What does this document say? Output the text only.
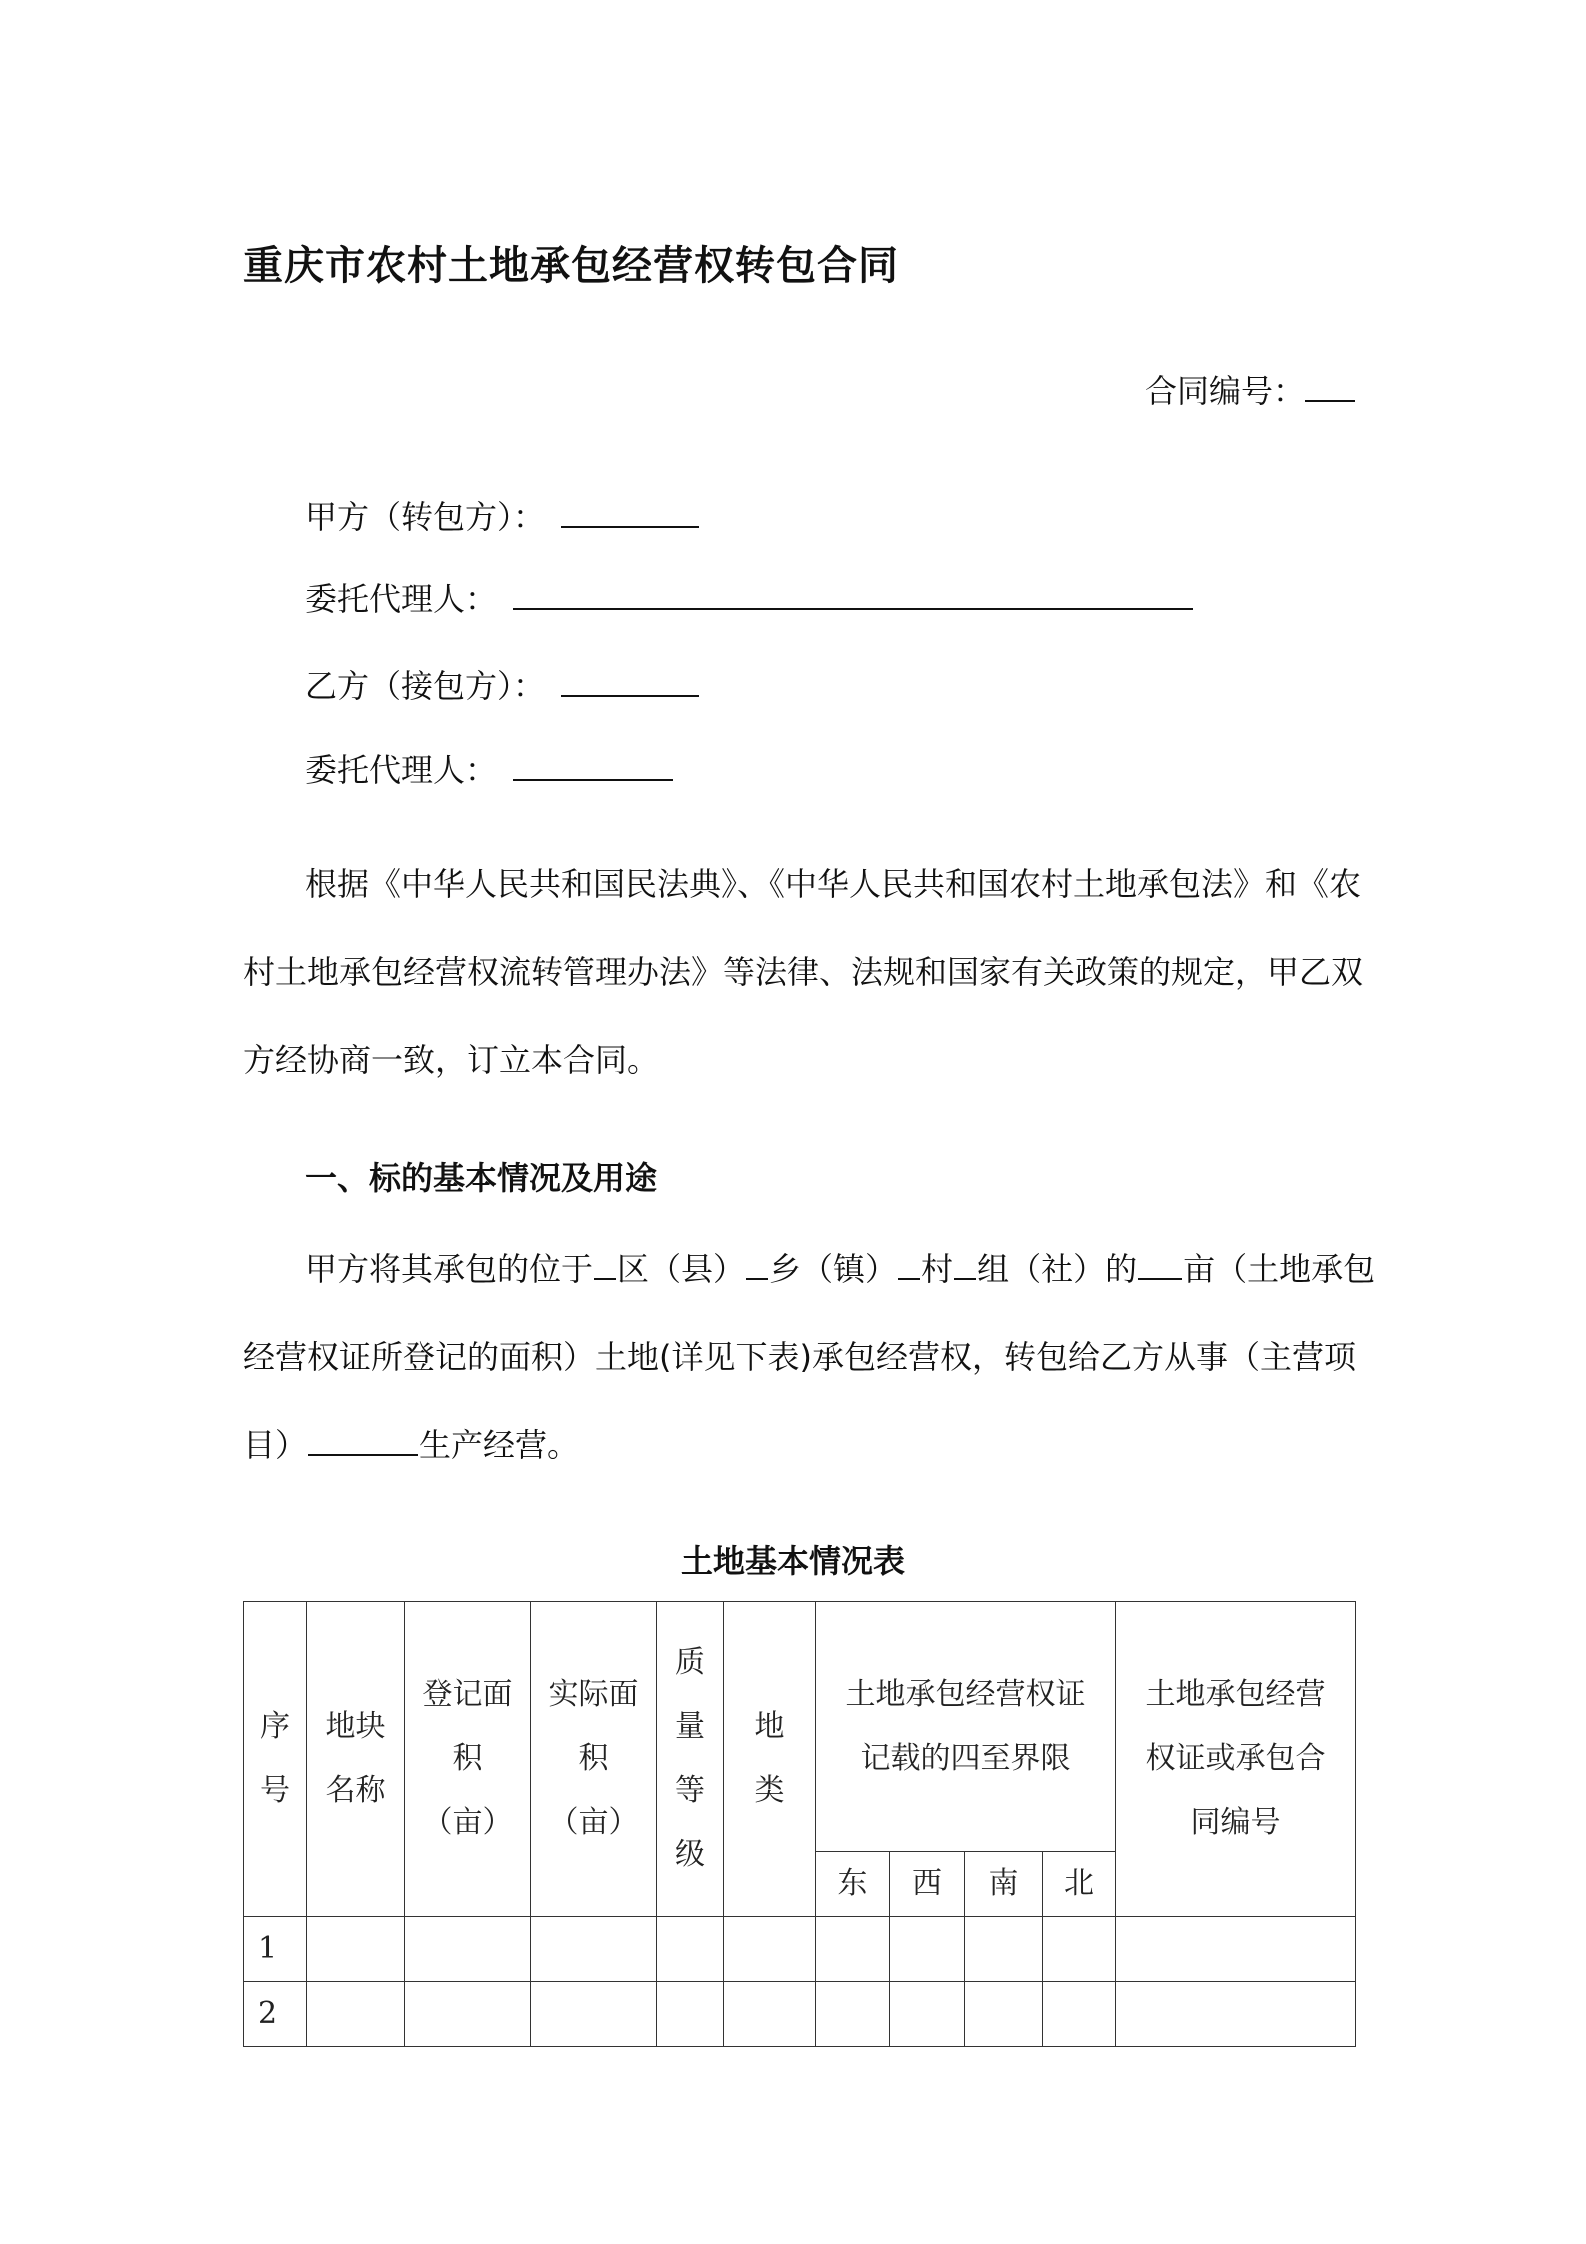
重庆市农村土地承包经营权转包合同
合同编号：
甲方（转包方）：
委托代理人：
乙方（接包方）：
委托代理人：
根据《中华人民共和国民法典》、《中华人民共和国农村土地承包法》和《农
村土地承包经营权流转管理办法》等法律、法规和国家有关政策的规定，甲乙双
方经协商一致，订立本合同。
一、标的基本情况及用途
甲方将其承包的位于 区（县） 乡（镇） 村 组（社）的 亩（土地承包
经营权证所登记的面积）土地(详见下表)承包经营权，转包给乙方从事（主营项
目）	生产经营。
土地基本情况表
序号	地块名称	登记面积（亩）	实际面积（亩）	质量等级	地类	土地承包经营权证记载的四至界限				土地承包经营权证或承包合同编号
						东	西	南	北	
1										
2										
